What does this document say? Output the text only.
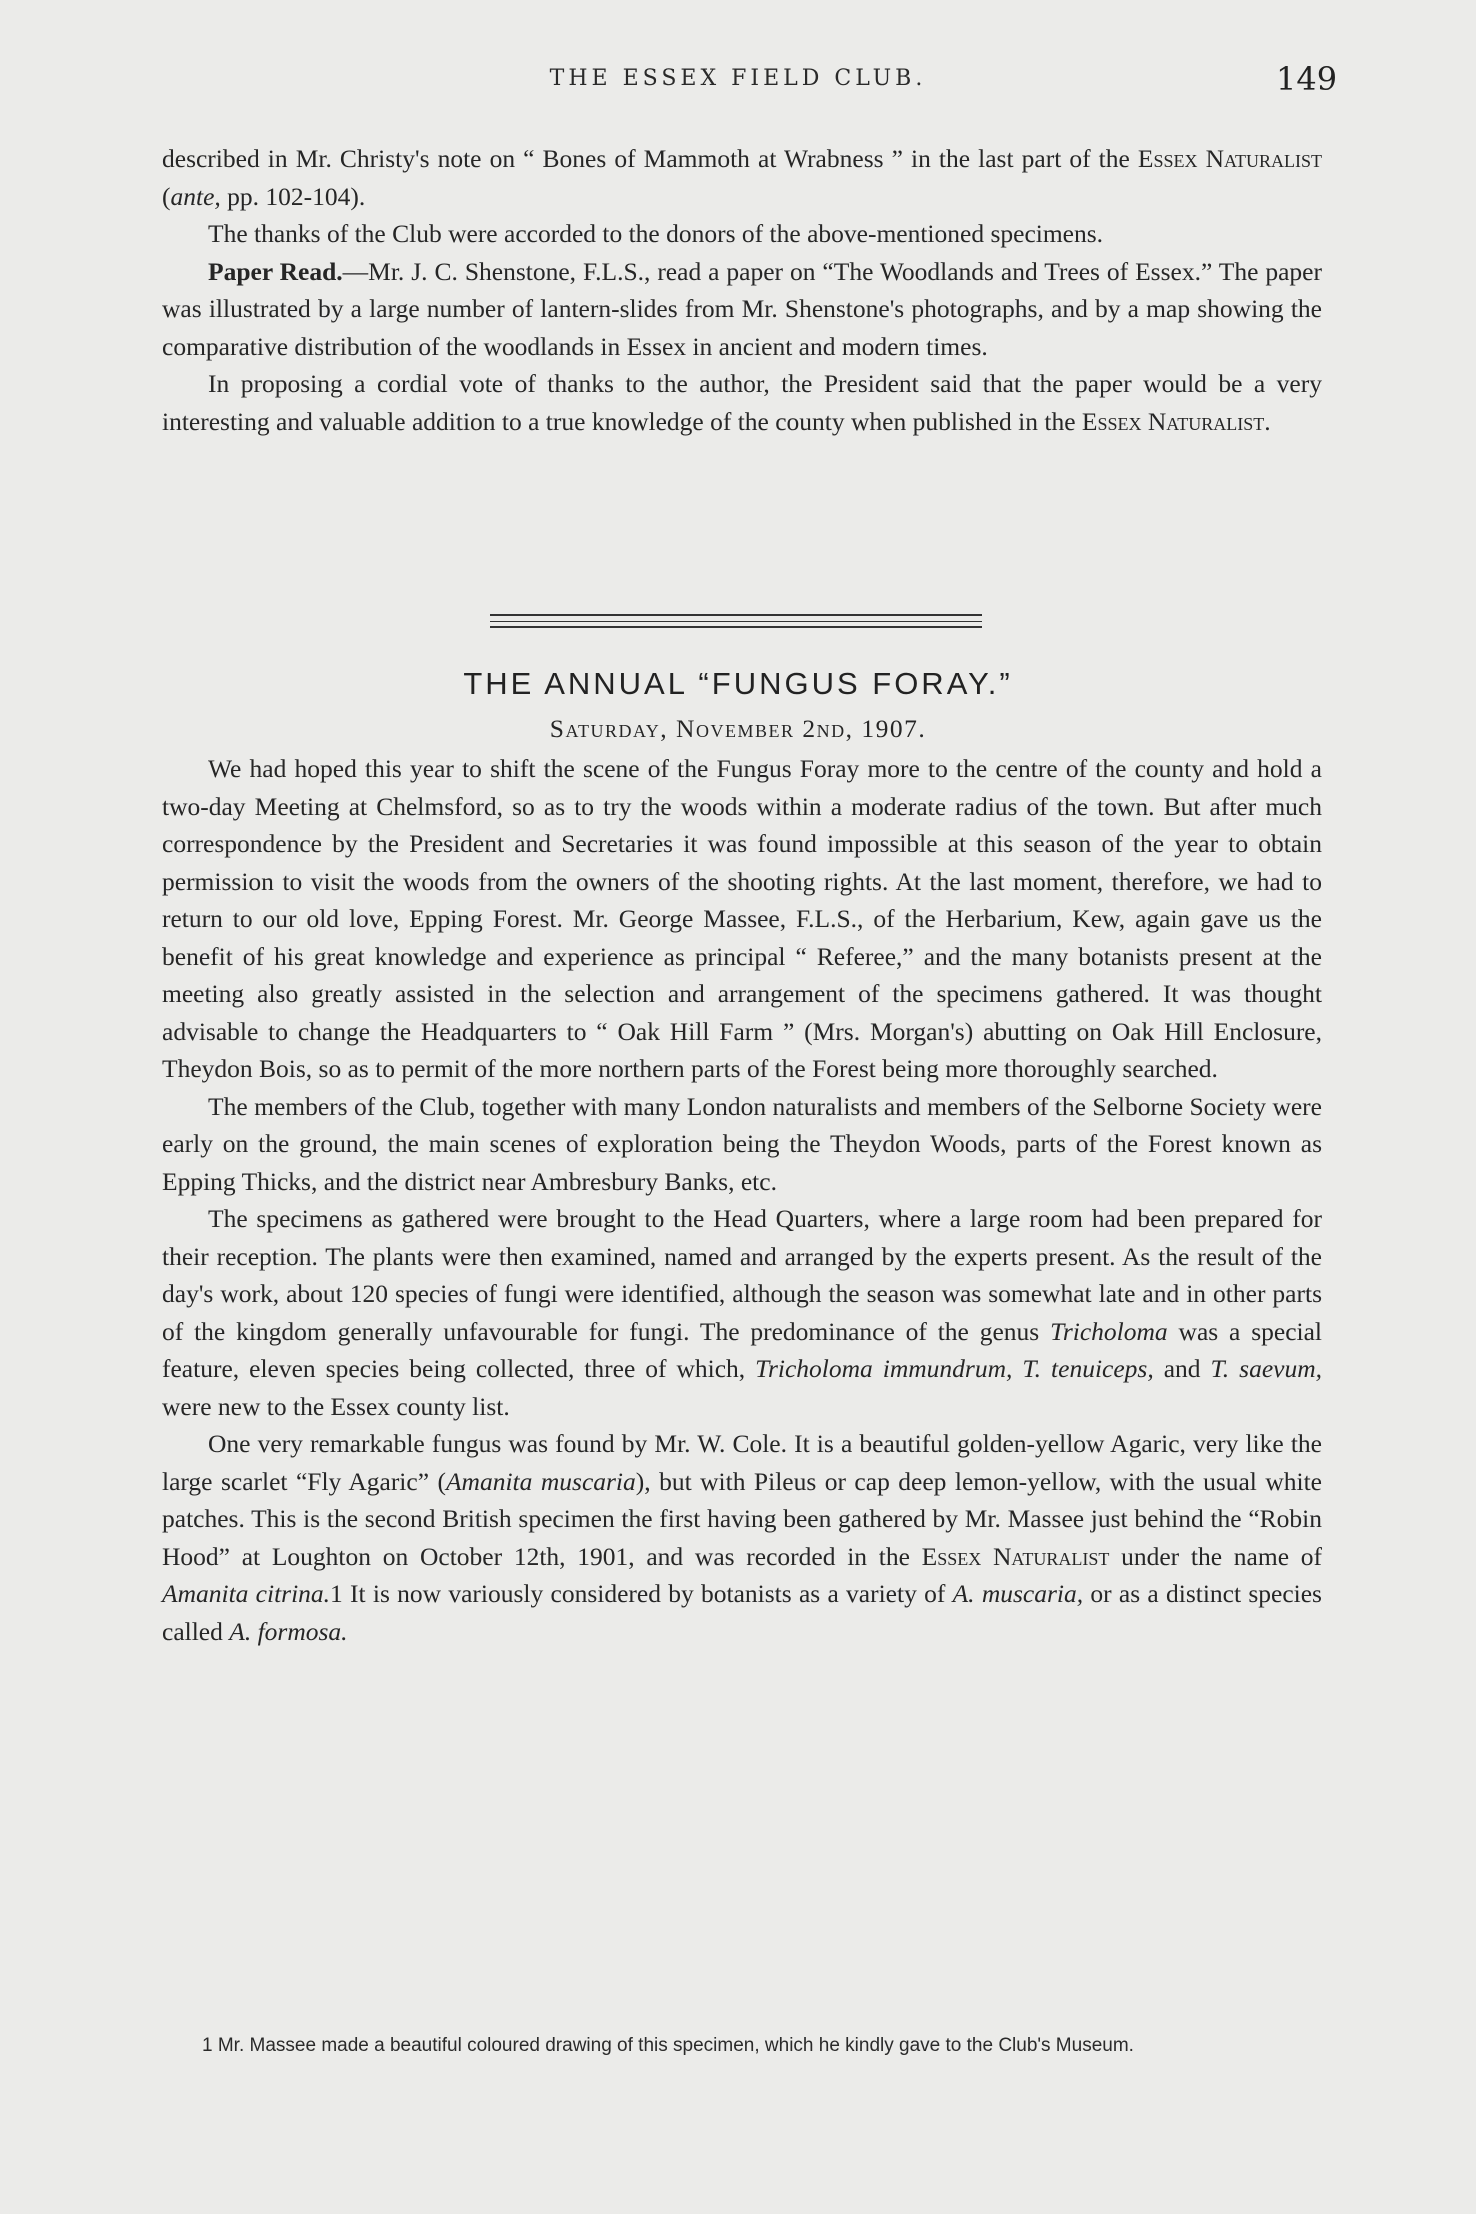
THE ESSEX FIELD CLUB.	149

described in Mr. Christy's note on “ Bones of Mammoth at Wrabness ” in the last part of the Essex Naturalist (ante, pp. 102-104).

The thanks of the Club were accorded to the donors of the above-mentioned specimens.

Paper Read.—Mr. J. C. Shenstone, F.L.S., read a paper on “The Woodlands and Trees of Essex.” The paper was illustrated by a large number of lantern-slides from Mr. Shenstone's photographs, and by a map showing the comparative distribution of the woodlands in Essex in ancient and modern times.

In proposing a cordial vote of thanks to the author, the President said that the paper would be a very interesting and valuable addition to a true knowledge of the county when published in the Essex Naturalist.

THE ANNUAL “FUNGUS FORAY.”
Saturday, November 2nd, 1907.

We had hoped this year to shift the scene of the Fungus Foray more to the centre of the county and hold a two-day Meeting at Chelmsford, so as to try the woods within a moderate radius of the town. But after much correspondence by the President and Secretaries it was found impossible at this season of the year to obtain permission to visit the woods from the owners of the shooting rights. At the last moment, therefore, we had to return to our old love, Epping Forest. Mr. George Massee, F.L.S., of the Herbarium, Kew, again gave us the benefit of his great knowledge and experience as principal “ Referee,” and the many botanists present at the meeting also greatly assisted in the selection and arrangement of the specimens gathered. It was thought advisable to change the Headquarters to “ Oak Hill Farm ” (Mrs. Morgan's) abutting on Oak Hill Enclosure, Theydon Bois, so as to permit of the more northern parts of the Forest being more thoroughly searched.

The members of the Club, together with many London naturalists and members of the Selborne Society were early on the ground, the main scenes of exploration being the Theydon Woods, parts of the Forest known as Epping Thicks, and the district near Ambresbury Banks, etc.

The specimens as gathered were brought to the Head Quarters, where a large room had been prepared for their reception. The plants were then examined, named and arranged by the experts present. As the result of the day's work, about 120 species of fungi were identified, although the season was somewhat late and in other parts of the kingdom generally unfavourable for fungi. The predominance of the genus Tricholoma was a special feature, eleven species being collected, three of which, Tricholoma immundrum, T. tenuiceps, and T. saevum, were new to the Essex county list.

One very remarkable fungus was found by Mr. W. Cole. It is a beautiful golden-yellow Agaric, very like the large scarlet “Fly Agaric” (Amanita muscaria), but with Pileus or cap deep lemon-yellow, with the usual white patches. This is the second British specimen the first having been gathered by Mr. Massee just behind the “Robin Hood” at Loughton on October 12th, 1901, and was recorded in the Essex Naturalist under the name of Amanita citrina.1 It is now variously considered by botanists as a variety of A. muscaria, or as a distinct species called A. formosa.

1 Mr. Massee made a beautiful coloured drawing of this specimen, which he kindly gave to the Club's Museum.
